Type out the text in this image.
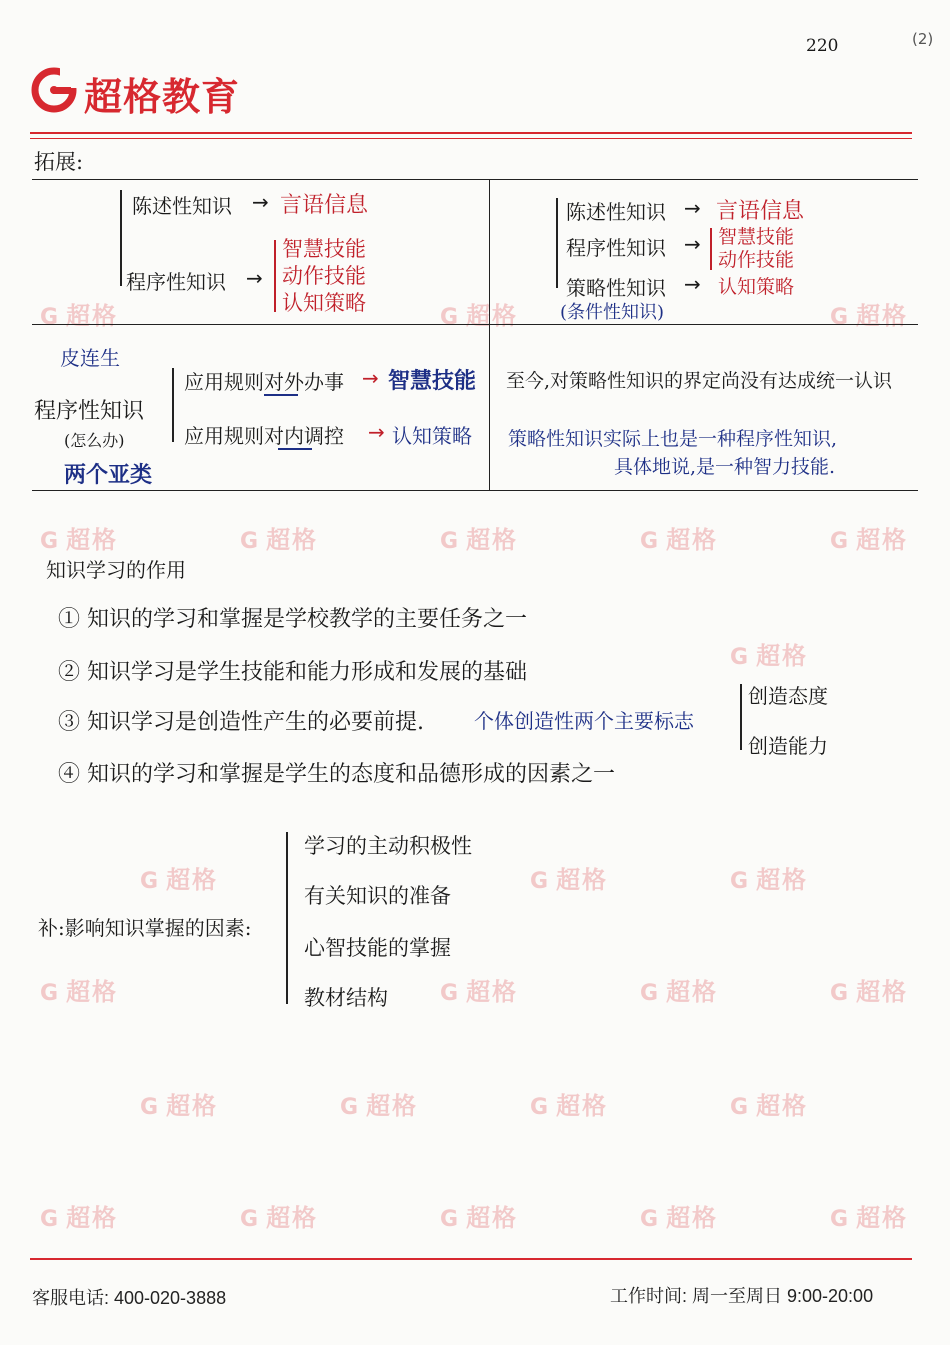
220	(2)
超格教育
G 超格	G 超格	G 超格
G 超格	G 超格	G 超格	G 超格	G 超格
G 超格
G 超格	G 超格	G 超格
G 超格	G 超格	G 超格	G 超格
G 超格	G 超格	G 超格	G 超格
G 超格	G 超格	G 超格	G 超格	G 超格
拓展:
陈述性知识 → 言语信息
程序性知识 →
智慧技能
动作技能
认知策略
陈述性知识 → 言语信息
程序性知识 → 智慧技能
动作技能
策略性知识 → 认知策略
(条件性知识)
皮连生
程序性知识
(怎么办)
两个亚类
应用规则对外办事 → 智慧技能
应用规则对内调控 → 认知策略
至今,对策略性知识的界定尚没有达成统一认识
策略性知识实际上也是一种程序性知识,
具体地说,是一种智力技能.
知识学习的作用
① 知识的学习和掌握是学校教学的主要任务之一
② 知识学习是学生技能和能力形成和发展的基础
③ 知识学习是创造性产生的必要前提.	个体创造性两个主要标志
创造态度
创造能力
④ 知识的学习和掌握是学生的态度和品德形成的因素之一
补:影响知识掌握的因素:
学习的主动积极性
有关知识的准备
心智技能的掌握
教材结构
客服电话: 400-020-3888	工作时间: 周一至周日 9:00-20:00
